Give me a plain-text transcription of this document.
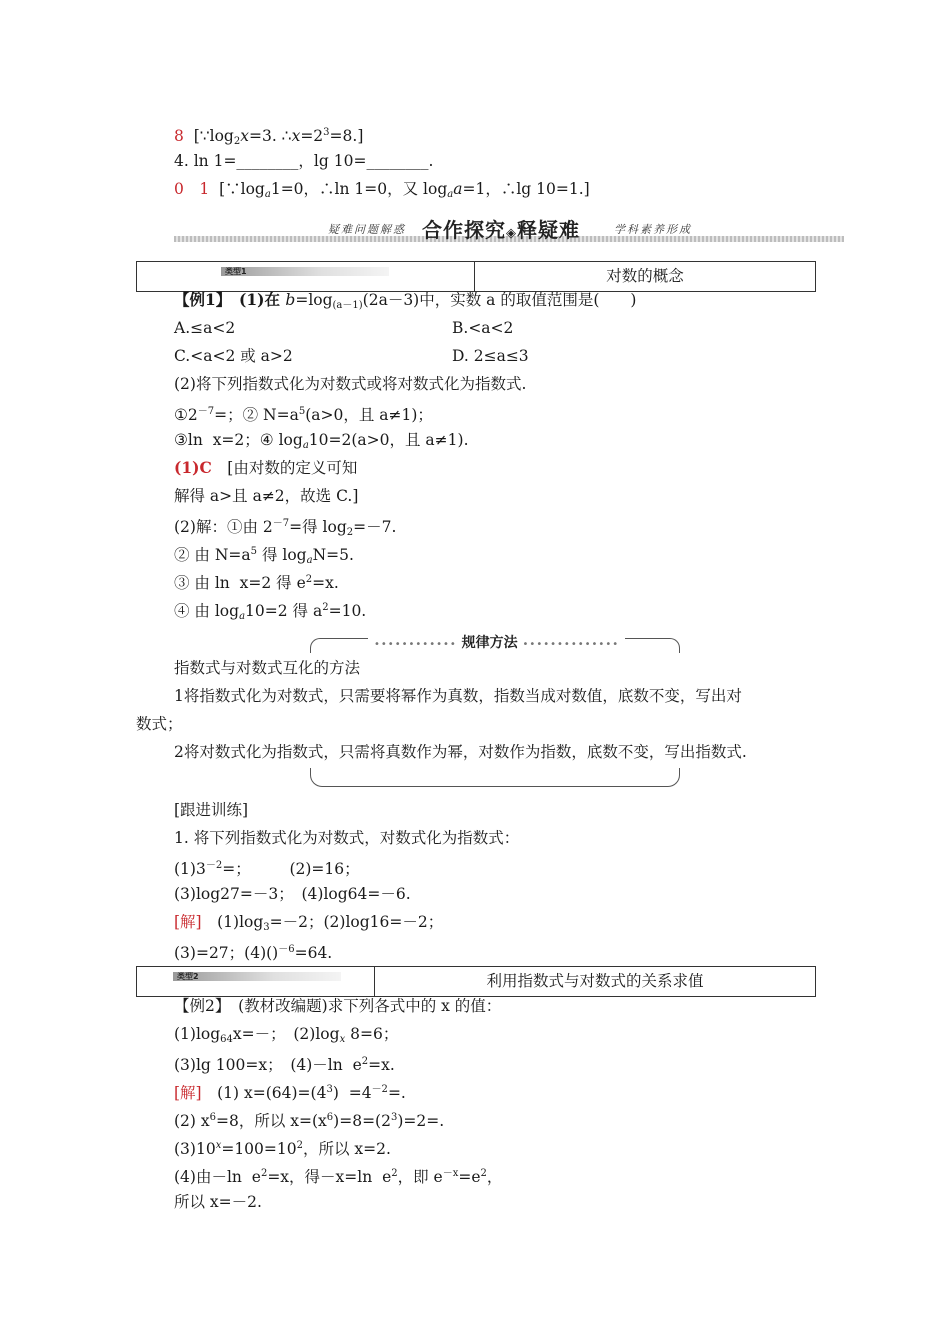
8 [$\because\log_2x=3$. $\therefore x=2^3=8$.]
4. ln 1=________，lg 10=________.
0　1 [$\because\log_a1=0$，∴ln 1=0，又 $\log_aa=1$，∴lg 10=1.]
疑难问题解惑 合作探究◈释疑难	学科素养形成
类型1	对数的概念
【例1】　(1)在 $b=\log_{(a-1)}(2a-3)$中，实数 a 的取值范围是(　　)
A.≤a<2	B.<a<2
C.<a<2 或 a>2	D. 2≤a≤3
(2)将下列指数式化为对数式或将对数式化为指数式.
$①2^{-7}=$；② $N=a^5(a>0$，且 a≠1)；
③ln  x=2；④ $\log_a10=2(a>0$，且 a≠1).
(1)C　[由对数的定义可知
解得 a>且 a≠2，故选 C.]
(2)解：①由 $2^{-7}=$得 $\log_2=-7$.
② 由 $N=a^5$ 得 $\log_aN=5$.
③ 由 ln  x=2 得 $e^2=x$.
④ 由 $\log_a10=2$ 得 $a^2=10$.
•••••••••••• 规律方法 ••••••••••••••
指数式与对数式互化的方法
1将指数式化为对数式，只需要将幂作为真数，指数当成对数值，底数不变，写出对
数式；
2将对数式化为指数式，只需将真数作为幂，对数作为指数，底数不变，写出指数式.
[跟进训练]
1. 将下列指数式化为对数式，对数式化为指数式：
$(1)3^{-2}=$；　　　(2)=16；
(3)log27=－3；　(4)log64=－6.
[解]　$(1)\log_3=-2$；(2)log16=－2；
(3)=27；(4)()$^{-6}$=64.
类型2	利用指数式与对数式的关系求值
【例2】　(教材改编题)求下列各式中的 x 的值：
$(1)\log_{64}x=-$；　$(2)\log_x$ 8=6；
(3)lg 100=x；　(4)－ln  $e^2=x$.
[解]　(1) $x=(64)=(4^3) =4^{-2}=$.
(2) $x^6=8$，所以 $x=(x^6)=8=(2^3)=2=$.
$(3)10^x=100=10^2$，所以 x=2.
(4)由－ln  $e^2=x$，得－x=ln  $e^2$，即 $e^{-x}=e^2$，
所以 x=－2.
